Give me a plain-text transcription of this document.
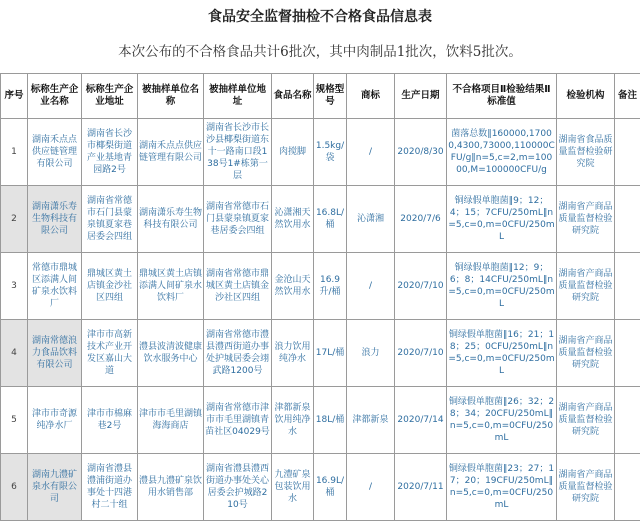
食品安全监督抽检不合格食品信息表
本次公布的不合格食品共计6批次，其中肉制品1批次，饮料5批次。
序号	标称生产企业名称	标称生产企业地址	被抽样单位名称	被抽样单位地址	食品名称	规格型号	商标	生产日期	不合格项目Ⅱ检验结果Ⅱ标准值	检验机构	备注
1	湖南禾点点供应链管理有限公司	湖南省长沙市椰梨街道产业基地青园路2号	湖南禾点点供应链管理有限公司	湖南省长沙市长沙县椰梨街道东十一路南口段138号1#栋第一层	肉搅脚	1.5kg/袋	/	2020/8/30	菌落总数‖160000,17000,4300,73000,110000CFU/g‖n=5,c=2,m=10000,M=100000CFU/g	湖南省食品质量监督检验研究院	
2	湖南潇乐寿生物科技有限公司	湖南省常德市石门县蒙泉镇夏家巷居委会四组	湖南潇乐寿生物科技有限公司	湖南省常德市石门县蒙泉镇夏家巷居委会四组	沁潇湘天然饮用水	16.8L/桶	沁潇湘	2020/7/6	铜绿假单胞菌‖9；12；4；15；7CFU/250mL‖n=5,c=0,m=0CFU/250mL	湖南省产商品质量监督检验研究院	
3	常德市鼎城区添满人间矿泉水饮料厂	鼎城区黄土店镇金沙社区四组	鼎城区黄土店镇添满人间矿泉水饮料厂	湖南省常德市鼎城区黄土店镇金沙社区四组	金沧山天然饮用水	16.9升/桶	/	2020/7/10	铜绿假单胞菌‖12；9；6；8；14CFU/250mL‖n=5,c=0,m=0CFU/250mL	湖南省产商品质量监督检验研究院	
4	湖南常德浪力食品饮料有限公司	津市市高新技术产业开发区嘉山大道	澧县波清波健康饮水服务中心	湖南省常德市澧县澧西街道办事处护城居委会翊武路1200号	浪力饮用纯净水	17L/桶	浪力	2020/7/10	铜绿假单胞菌‖16；21；18；25；0CFU/250mL‖n=5,c=0,m=0CFU/250mL	湖南省产商品质量监督检验研究院	
5	津市市奇源纯净水厂	津市市棉麻巷2号	津市市毛里湖镇海海商店	湖南省常德市津市市毛里湖镇青苗社区04029号	津都新泉饮用纯净水	18L/桶	津都新泉	2020/7/14	铜绿假单胞菌‖26；32；28；34；20CFU/250mL‖n=5,c=0,m=0CFU/250mL	湖南省产商品质量监督检验研究院	
6	湖南九澧矿泉水有限公司	湖南省澧县澧浦街道办事处十四港村二十组	澧县九澧矿泉饮用水销售部	湖南省澧县澧西街道办事处关心居委会护城路210号	九澧矿泉包装饮用水	16.9L/桶	/	2020/7/11	铜绿假单胞菌‖23；27；17；20；19CFU/250mL‖n=5,c=0,m=0CFU/250mL	湖南省产商品质量监督检验研究院	
